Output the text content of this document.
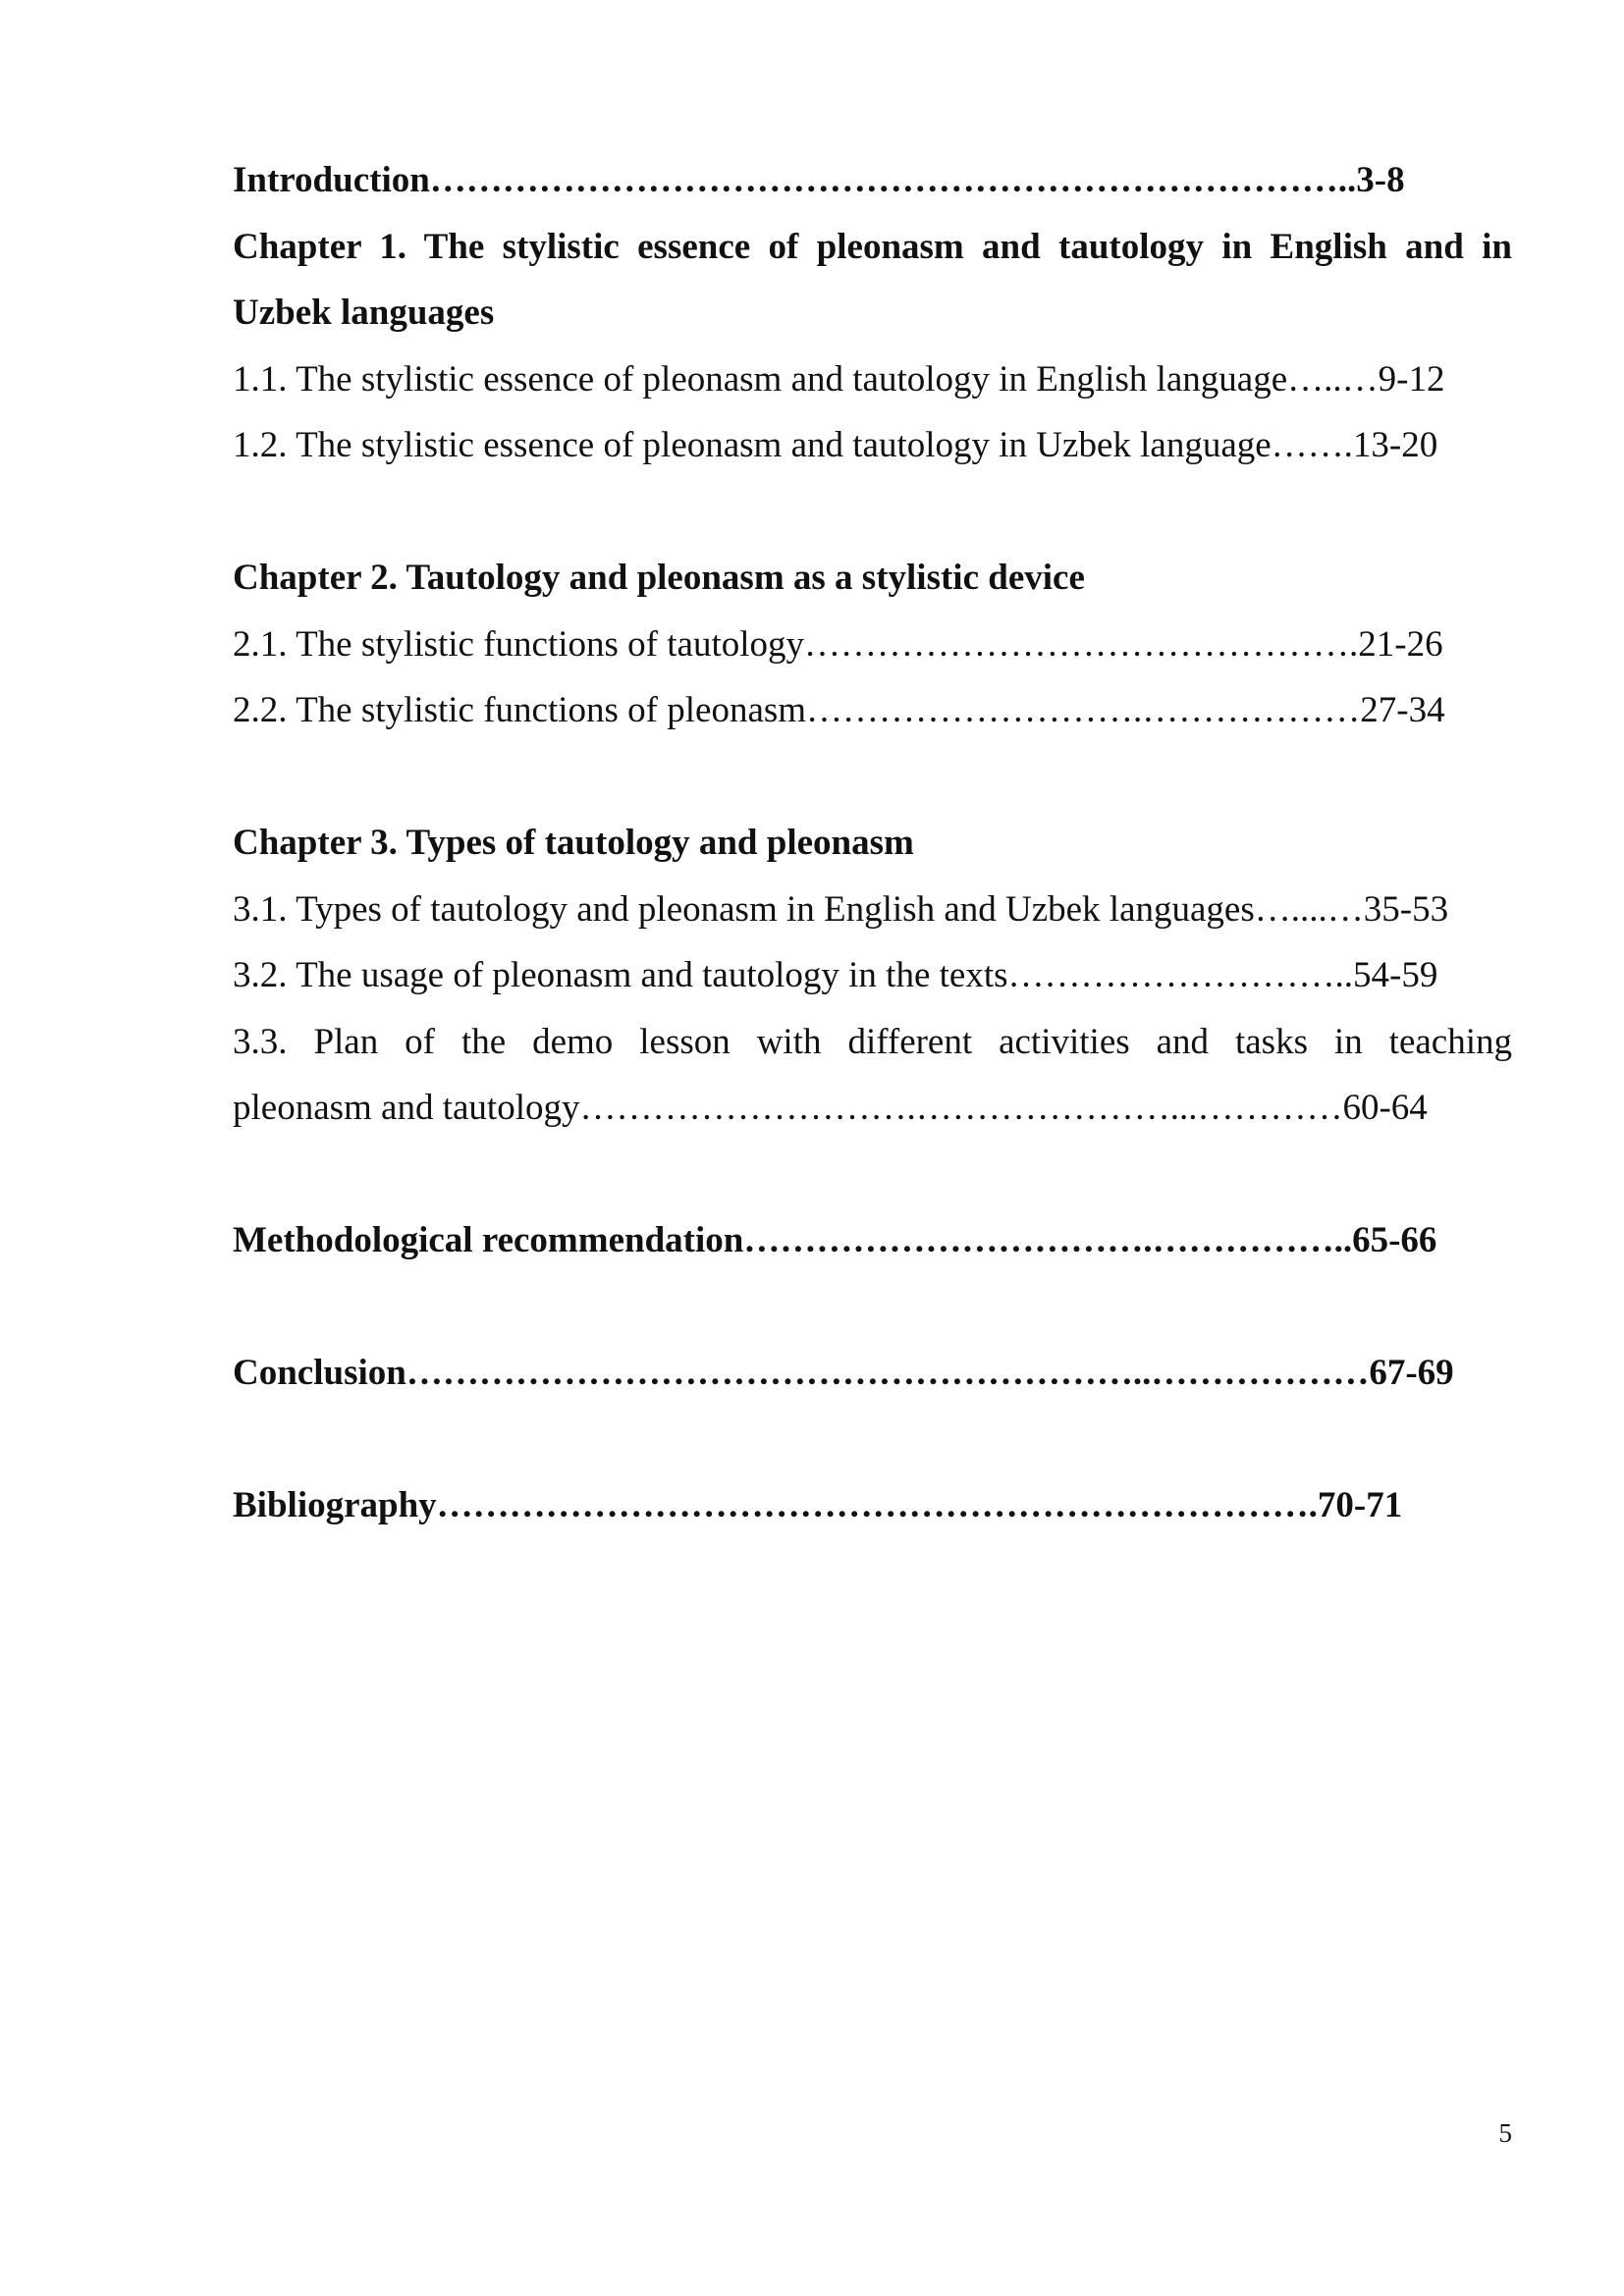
Introduction…………………………………………………………………..3-8
Chapter 1. The stylistic essence of pleonasm and tautology in English and in
Uzbek languages
1.1. The stylistic essence of pleonasm and tautology in English language…..…9-12
1.2. The stylistic essence of pleonasm and tautology in Uzbek language…….13-20
Chapter 2. Tautology and pleonasm as a stylistic device
2.1. The stylistic functions of tautology……………………………………….21-26
2.2. The stylistic functions of pleonasm……………………….………………27-34
Chapter 3. Types of tautology and pleonasm
3.1. Types of tautology and pleonasm in English and Uzbek languages…....…35-53
3.2. The usage of pleonasm and tautology in the texts………………………..54-59
3.3. Plan of the demo lesson with different activities and tasks in teaching
pleonasm and tautology……………………….…………………...…………60-64
Methodological recommendation…………………………….……………..65-66
Conclusion……………………………………………………..………………67-69
Bibliography……………………………………………………………….70-71
5
